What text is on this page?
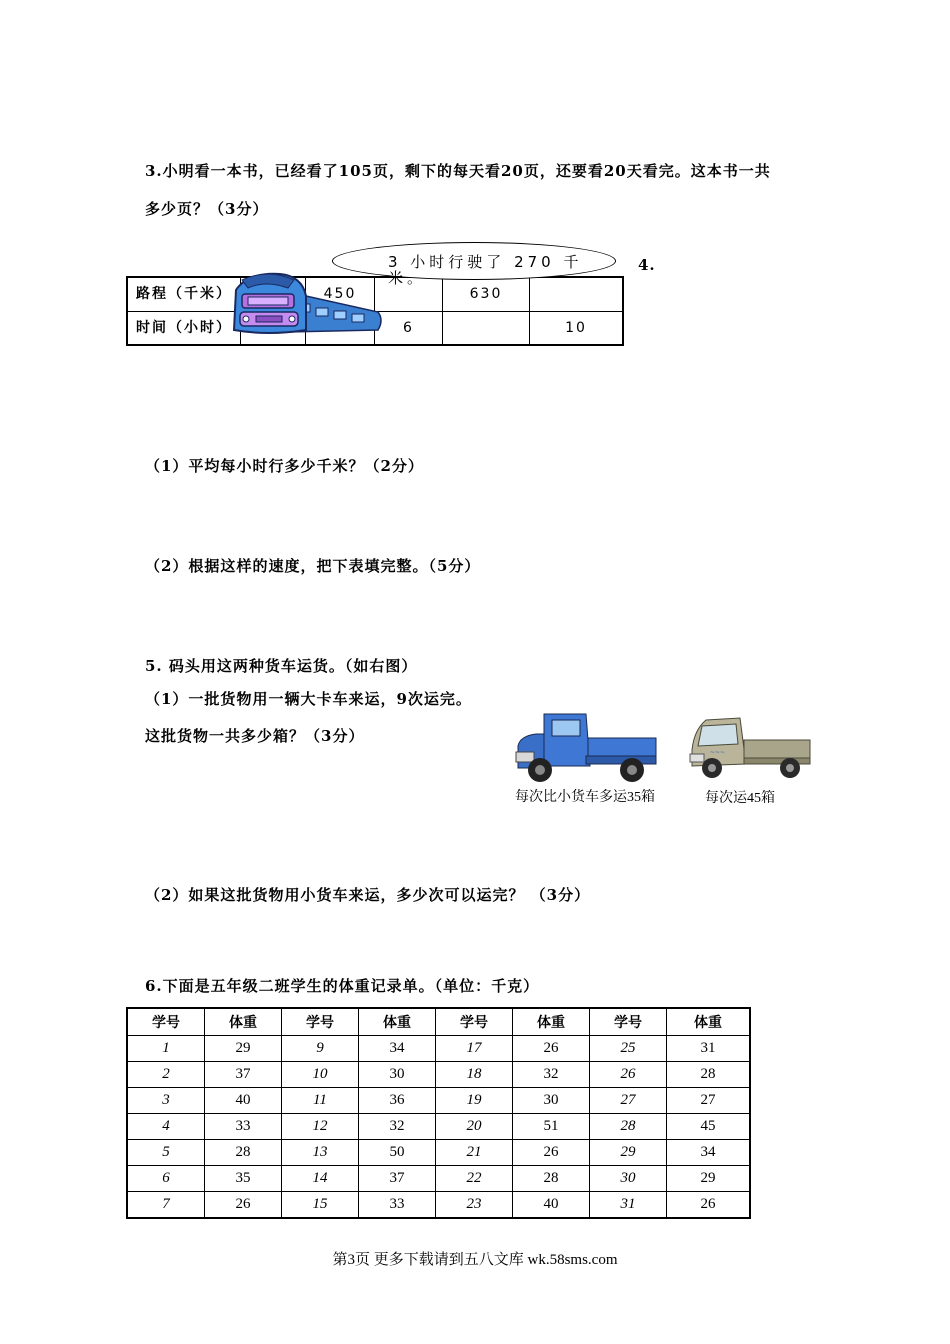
3.小明看一本书，已经看了105页，剩下的每天看20页，还要看20天看完。这本书一共
多少页？（3分）
4.
路程（千米）		450		630	
时间（小时）			6		10
3 小时行驶了 270 千米。
（1）平均每小时行多少千米？（2分）
（2）根据这样的速度，把下表填完整。（5分）
5. 码头用这两种货车运货。（如右图）
（1）一批货物用一辆大卡车来运，9次运完。
这批货物一共多少箱？（3分）
每次比小货车多运35箱
~~~
每次运45箱
（2）如果这批货物用小货车来运，多少次可以运完？ （3分）
6.下面是五年级二班学生的体重记录单。（单位：千克）
学号	体重	学号	体重	学号	体重	学号	体重
1	29	9	34	17	26	25	31
2	37	10	30	18	32	26	28
3	40	11	36	19	30	27	27
4	33	12	32	20	51	28	45
5	28	13	50	21	26	29	34
6	35	14	37	22	28	30	29
7	26	15	33	23	40	31	26
第3页 更多下载请到五八文库 wk.58sms.com
